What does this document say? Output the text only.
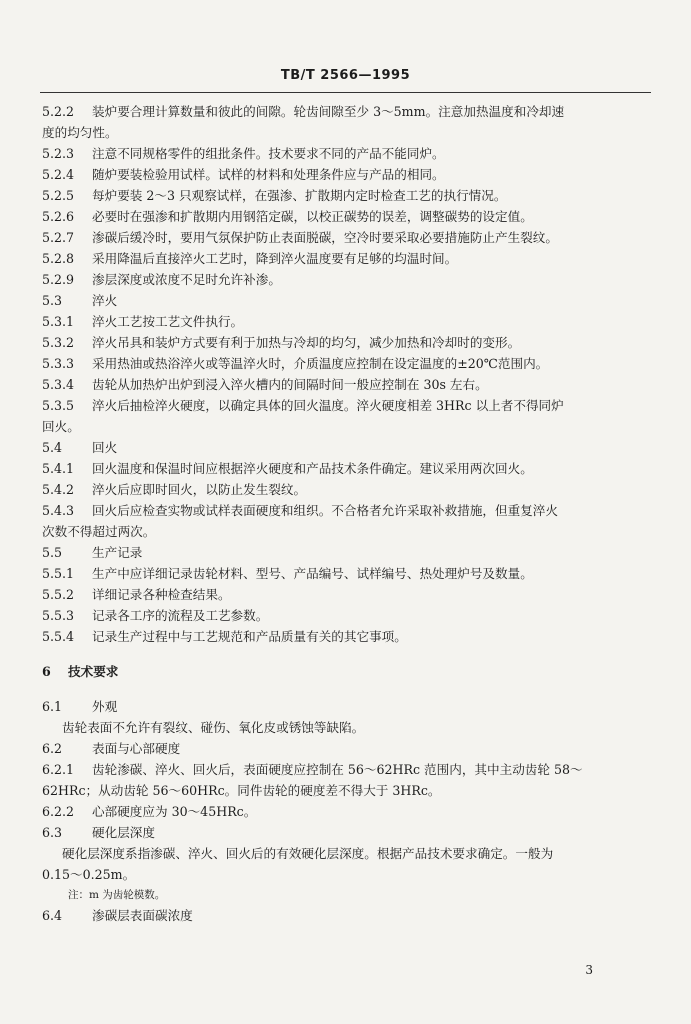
TB/T 2566—1995
5.2.2 装炉要合理计算数量和彼此的间隙。轮齿间隙至少 3～5mm。注意加热温度和冷却速
度的均匀性。
5.2.3 注意不同规格零件的组批条件。技术要求不同的产品不能同炉。
5.2.4 随炉要装检验用试样。试样的材料和处理条件应与产品的相同。
5.2.5 每炉要装 2～3 只观察试样，在强渗、扩散期内定时检查工艺的执行情况。
5.2.6 必要时在强渗和扩散期内用钢箔定碳，以校正碳势的误差，调整碳势的设定值。
5.2.7 渗碳后缓冷时，要用气氛保护防止表面脱碳，空冷时要采取必要措施防止产生裂纹。
5.2.8 采用降温后直接淬火工艺时，降到淬火温度要有足够的均温时间。
5.2.9 渗层深度或浓度不足时允许补渗。
5.3 淬火
5.3.1 淬火工艺按工艺文件执行。
5.3.2 淬火吊具和装炉方式要有利于加热与冷却的均匀，减少加热和冷却时的变形。
5.3.3 采用热油或热浴淬火或等温淬火时，介质温度应控制在设定温度的±20℃范围内。
5.3.4 齿轮从加热炉出炉到浸入淬火槽内的间隔时间一般应控制在 30s 左右。
5.3.5 淬火后抽检淬火硬度，以确定具体的回火温度。淬火硬度相差 3HRc 以上者不得同炉
回火。
5.4 回火
5.4.1 回火温度和保温时间应根据淬火硬度和产品技术条件确定。建议采用两次回火。
5.4.2 淬火后应即时回火，以防止发生裂纹。
5.4.3 回火后应检查实物或试样表面硬度和组织。不合格者允许采取补救措施，但重复淬火
次数不得超过两次。
5.5 生产记录
5.5.1 生产中应详细记录齿轮材料、型号、产品编号、试样编号、热处理炉号及数量。
5.5.2 详细记录各种检查结果。
5.5.3 记录各工序的流程及工艺参数。
5.5.4 记录生产过程中与工艺规范和产品质量有关的其它事项。
6 技术要求
6.1 外观
齿轮表面不允许有裂纹、碰伤、氧化皮或锈蚀等缺陷。
6.2 表面与心部硬度
6.2.1 齿轮渗碳、淬火、回火后，表面硬度应控制在 56～62HRc 范围内，其中主动齿轮 58～
62HRc；从动齿轮 56～60HRc。同件齿轮的硬度差不得大于 3HRc。
6.2.2 心部硬度应为 30～45HRc。
6.3 硬化层深度
硬化层深度系指渗碳、淬火、回火后的有效硬化层深度。根据产品技术要求确定。一般为
0.15～0.25m。
注：m 为齿轮模数。
6.4 渗碳层表面碳浓度
3
